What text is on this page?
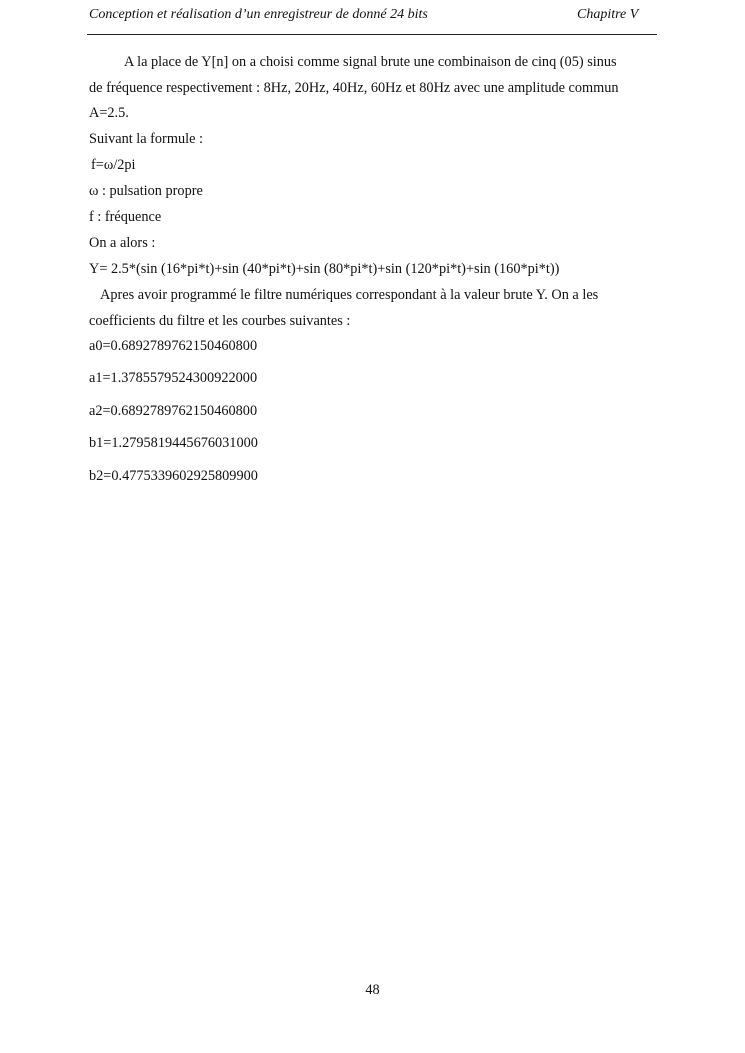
Conception et réalisation d’un enregistreur de donné 24 bits	Chapitre V
A la place de Y[n] on a choisi comme signal brute une combinaison de cinq (05) sinus
de fréquence respectivement : 8Hz, 20Hz, 40Hz, 60Hz et 80Hz avec une amplitude commun
A=2.5.
Suivant la formule :
f=ω/2pi
ω : pulsation propre
f : fréquence
On a alors :
Y= 2.5*(sin (16*pi*t)+sin (40*pi*t)+sin (80*pi*t)+sin (120*pi*t)+sin (160*pi*t))
Apres avoir programmé le filtre numériques correspondant à la valeur brute Y. On a les
coefficients du filtre et les courbes suivantes :
a0=0.6892789762150460800
a1=1.3785579524300922000
a2=0.6892789762150460800
b1=1.2795819445676031000
b2=0.4775339602925809900
48
